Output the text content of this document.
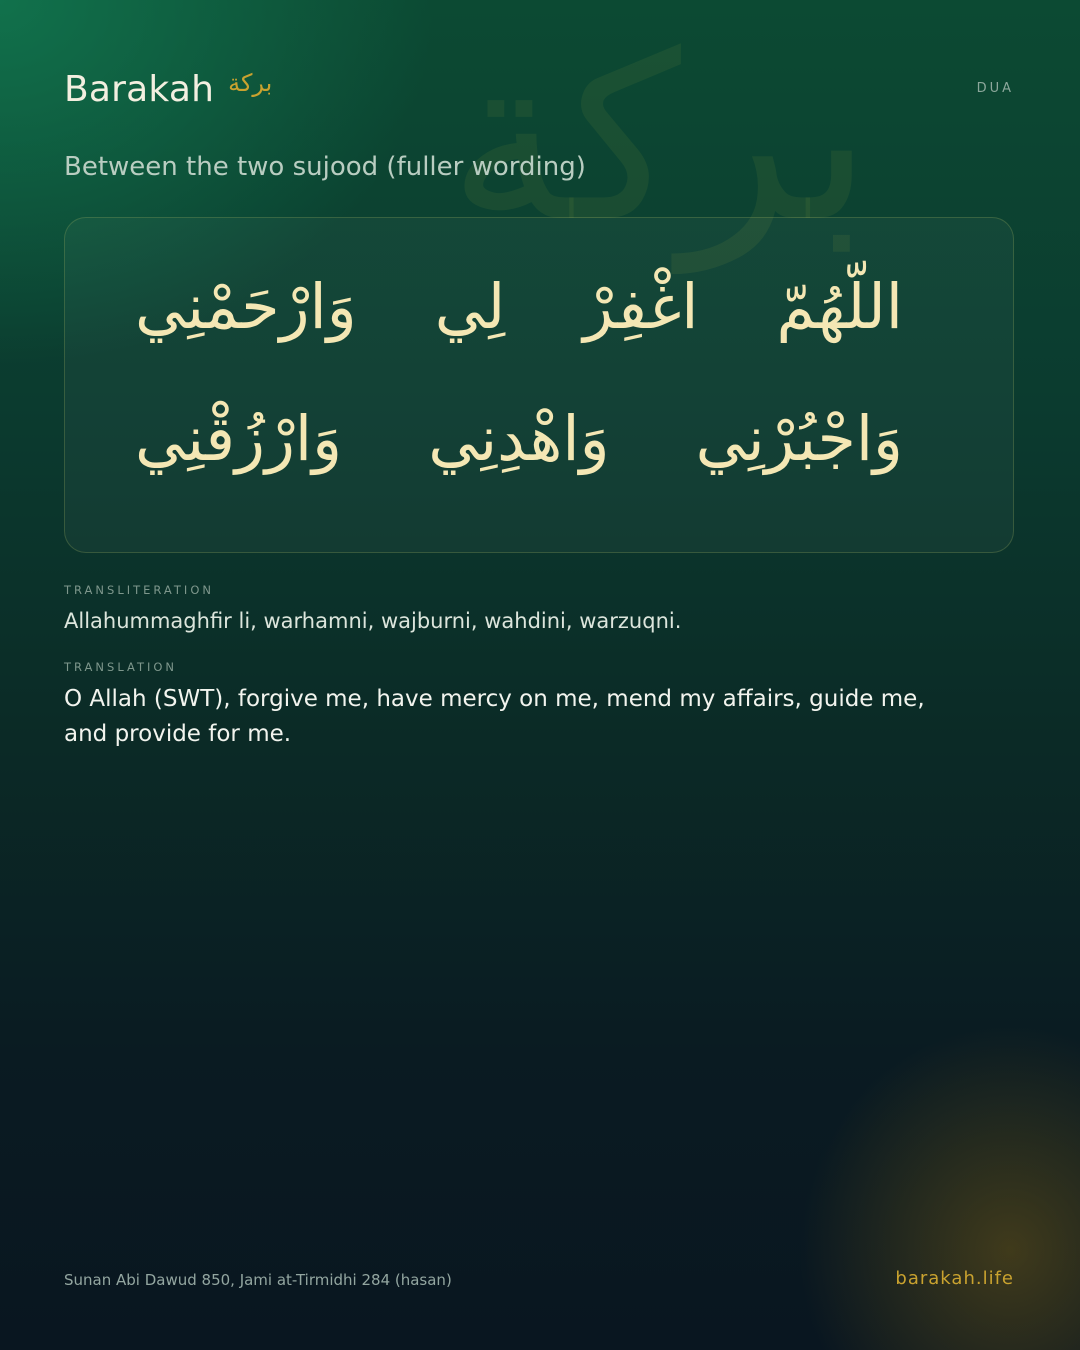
بركة
Barakah بركة	DUA
Between the two sujood (fuller wording)
اللّهُمّ
اغْفِرْ
لِي
وَارْحَمْنِي
وَاجْبُرْنِي
وَاهْدِنِي
وَارْزُقْنِي
TRANSLITERATION
Allahummaghfir li, warhamni, wajburni, wahdini, warzuqni.
TRANSLATION
O Allah (SWT), forgive me, have mercy on me, mend my affairs, guide me, and provide for me.
Sunan Abi Dawud 850, Jami at-Tirmidhi 284 (hasan)	barakah.life
